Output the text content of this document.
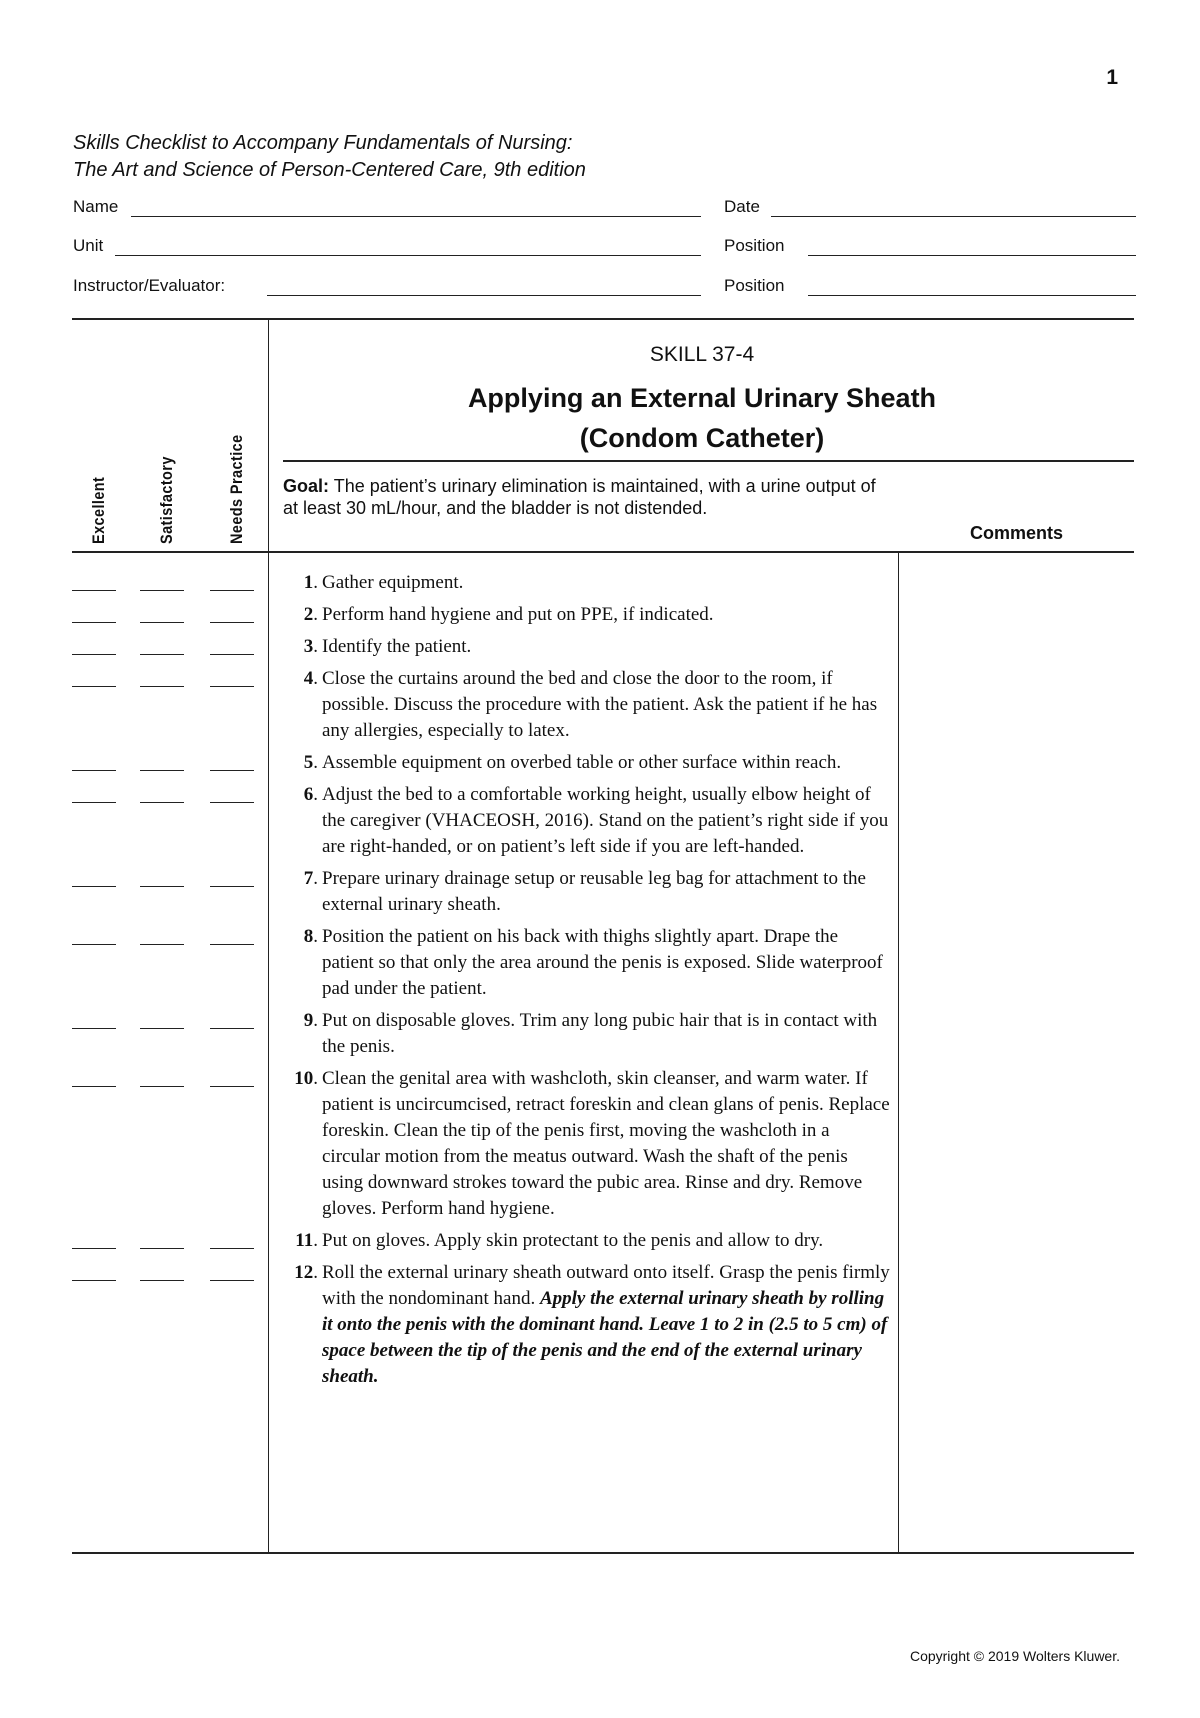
1
Skills Checklist to Accompany Fundamentals of Nursing:
The Art and Science of Person-Centered Care, 9th edition
Name	Date
Unit	Position
Instructor/Evaluator:	Position
Excellent	Satisfactory	Needs Practice
SKILL 37-4
Applying an External Urinary Sheath
(Condom Catheter)
Goal: The patient’s urinary elimination is maintained, with a urine output of at least 30 mL/hour, and the bladder is not distended.
Comments
1. Gather equipment.
2. Perform hand hygiene and put on PPE, if indicated.
3. Identify the patient.
4. Close the curtains around the bed and close the door to the room, if possible. Discuss the procedure with the patient. Ask the patient if he has any allergies, especially to latex.
5. Assemble equipment on overbed table or other surface within reach.
6. Adjust the bed to a comfortable working height, usually elbow height of the caregiver (VHACEOSH, 2016). Stand on the patient’s right side if you are right-handed, or on patient’s left side if you are left-handed.
7. Prepare urinary drainage setup or reusable leg bag for attachment to the external urinary sheath.
8. Position the patient on his back with thighs slightly apart. Drape the patient so that only the area around the penis is exposed. Slide waterproof pad under the patient.
9. Put on disposable gloves. Trim any long pubic hair that is in contact with the penis.
10. Clean the genital area with washcloth, skin cleanser, and warm water. If patient is uncircumcised, retract foreskin and clean glans of penis. Replace foreskin. Clean the tip of the penis first, moving the washcloth in a circular motion from the meatus outward. Wash the shaft of the penis using downward strokes toward the pubic area. Rinse and dry. Remove gloves. Perform hand hygiene.
11. Put on gloves. Apply skin protectant to the penis and allow to dry.
12. Roll the external urinary sheath outward onto itself. Grasp the penis firmly with the nondominant hand. Apply the external urinary sheath by rolling it onto the penis with the dominant hand. Leave 1 to 2 in (2.5 to 5 cm) of space between the tip of the penis and the end of the external urinary sheath.
Copyright © 2019 Wolters Kluwer.
